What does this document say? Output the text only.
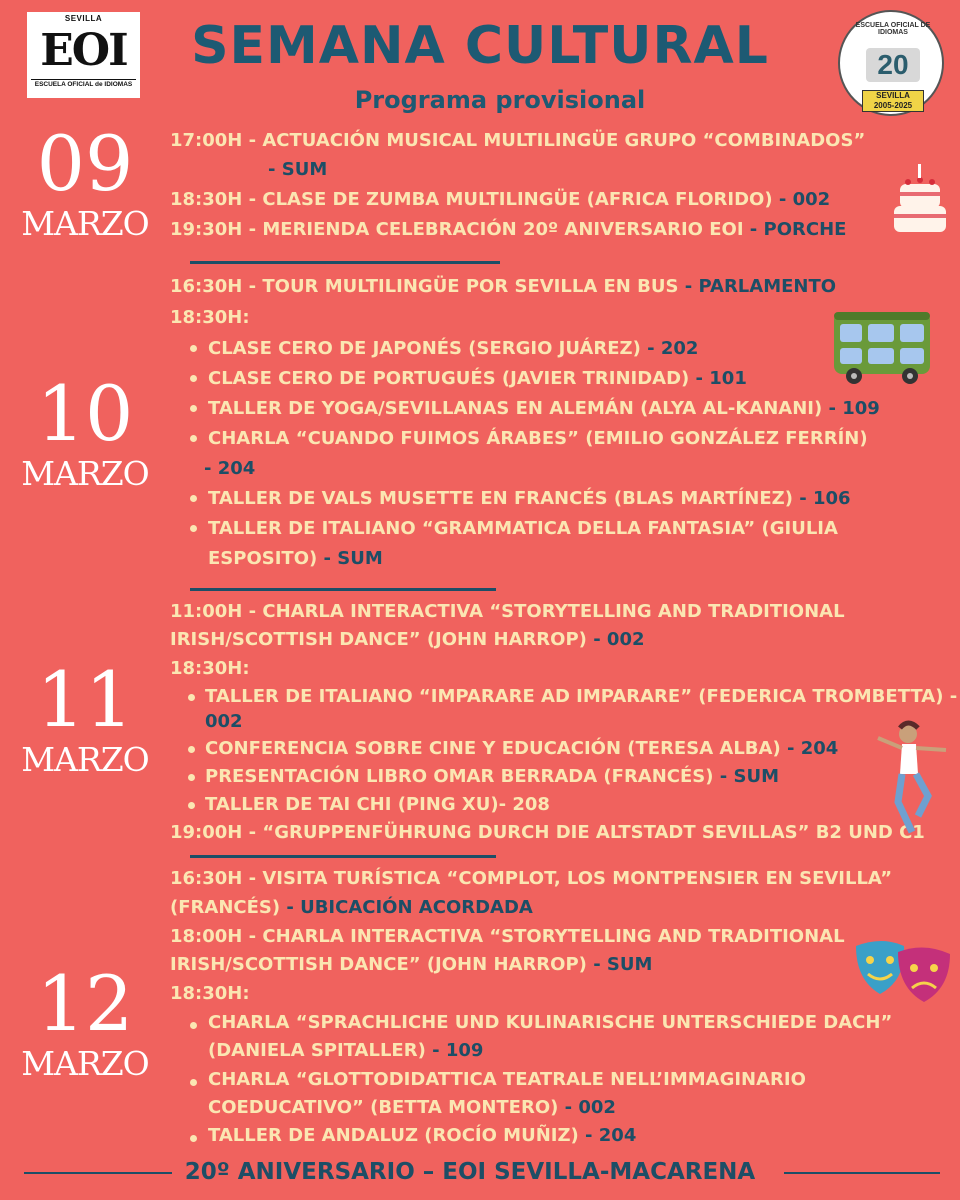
SEVILLA
EOI
ESCUELA OFICIAL de IDIOMAS
SEMANA CULTURAL
Programa provisional
ESCUELA OFICIAL DE IDIOMAS
20
SEVILLA
2005-2025
09
MARZO
17:00H - ACTUACIÓN MUSICAL MULTILINGÜE GRUPO “COMBINADOS”
- SUM
18:30H - CLASE DE ZUMBA MULTILINGÜE (AFRICA FLORIDO) - 002
19:30H - MERIENDA CELEBRACIÓN 20º ANIVERSARIO EOI - PORCHE
10
MARZO
16:30H - TOUR MULTILINGÜE POR SEVILLA EN BUS - PARLAMENTO
18:30H:
CLASE CERO DE JAPONÉS (SERGIO JUÁREZ) - 202
CLASE CERO DE PORTUGUÉS (JAVIER TRINIDAD) - 101
TALLER DE YOGA/SEVILLANAS EN ALEMÁN (ALYA AL-KANANI) - 109
CHARLA “CUANDO FUIMOS ÁRABES” (EMILIO GONZÁLEZ FERRÍN)
- 204
TALLER DE VALS MUSETTE EN FRANCÉS (BLAS MARTÍNEZ) - 106
TALLER DE ITALIANO “GRAMMATICA DELLA FANTASIA” (GIULIA
ESPOSITO) - SUM
11
MARZO
11:00H - CHARLA INTERACTIVA “STORYTELLING AND TRADITIONAL
IRISH/SCOTTISH DANCE” (JOHN HARROP) - 002
18:30H:
TALLER DE ITALIANO “IMPARARE AD IMPARARE” (FEDERICA TROMBETTA) -
002
CONFERENCIA SOBRE CINE Y EDUCACIÓN (TERESA ALBA) - 204
PRESENTACIÓN LIBRO OMAR BERRADA (FRANCÉS) - SUM
TALLER DE TAI CHI (PING XU)- 208
19:00H - “GRUPPENFÜHRUNG DURCH DIE ALTSTADT SEVILLAS” B2 UND C1
12
MARZO
16:30H - VISITA TURÍSTICA “COMPLOT, LOS MONTPENSIER EN SEVILLA”
(FRANCÉS) - UBICACIÓN ACORDADA
18:00H - CHARLA INTERACTIVA “STORYTELLING AND TRADITIONAL
IRISH/SCOTTISH DANCE” (JOHN HARROP) - SUM
18:30H:
CHARLA “SPRACHLICHE UND KULINARISCHE UNTERSCHIEDE DACH”
(DANIELA SPITALLER) - 109
CHARLA “GLOTTODIDATTICA TEATRALE NELL’IMMAGINARIO
COEDUCATIVO” (BETTA MONTERO) - 002
TALLER DE ANDALUZ (ROCÍO MUÑIZ) - 204
20º ANIVERSARIO – EOI SEVILLA-MACARENA
